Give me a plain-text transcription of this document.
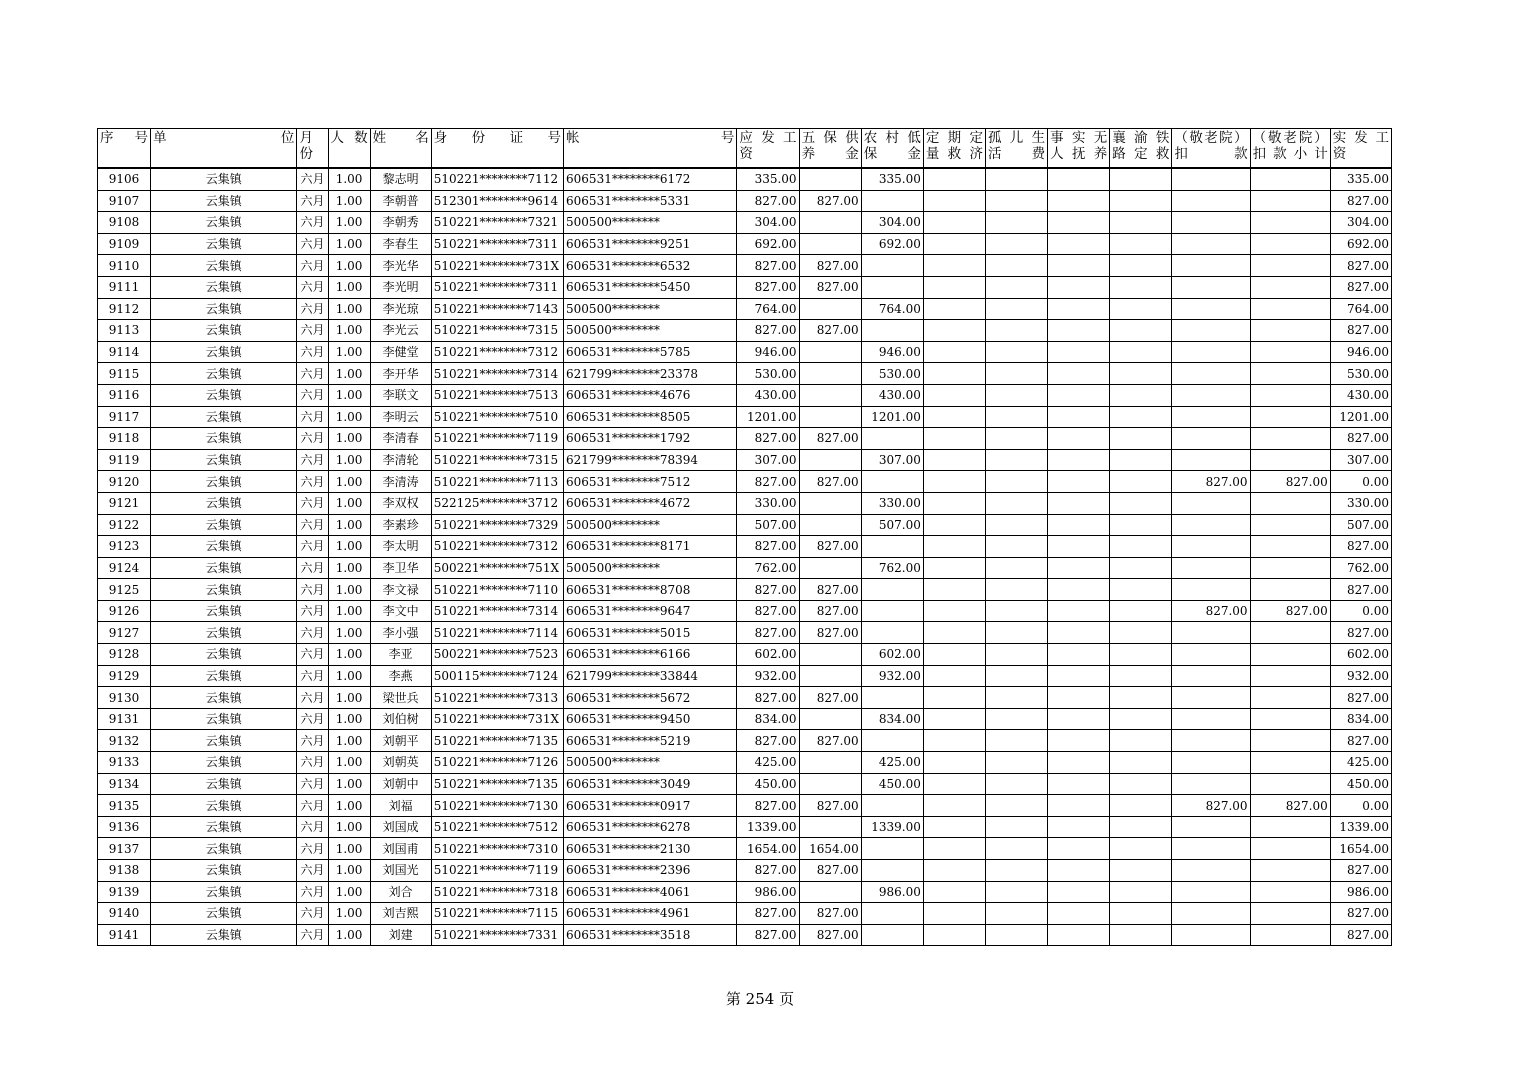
序 号	单 位	月份	人 数	姓 名	身 份 证 号	帐 号	应 发 工 资	五 保 供 养 金	农 村 低 保 金	定 期 定 量 救 济	孤 儿 生 活 费	事 实 无 人 抚 养	襄 渝 铁 路 定 救	（敬老院） 扣 款	（敬老院） 扣 款 小 计	实 发 工 资
9106	云集镇	六月	1.00	黎志明	510221********7112	606531********6172	335.00		335.00							335.00
9107	云集镇	六月	1.00	李朝普	512301********9614	606531********5331	827.00	827.00								827.00
9108	云集镇	六月	1.00	李朝秀	510221********7321	500500********	304.00		304.00							304.00
9109	云集镇	六月	1.00	李春生	510221********7311	606531********9251	692.00		692.00							692.00
9110	云集镇	六月	1.00	李光华	510221********731X	606531********6532	827.00	827.00								827.00
9111	云集镇	六月	1.00	李光明	510221********7311	606531********5450	827.00	827.00								827.00
9112	云集镇	六月	1.00	李光琼	510221********7143	500500********	764.00		764.00							764.00
9113	云集镇	六月	1.00	李光云	510221********7315	500500********	827.00	827.00								827.00
9114	云集镇	六月	1.00	李健堂	510221********7312	606531********5785	946.00		946.00							946.00
9115	云集镇	六月	1.00	李开华	510221********7314	621799********23378	530.00		530.00							530.00
9116	云集镇	六月	1.00	李联文	510221********7513	606531********4676	430.00		430.00							430.00
9117	云集镇	六月	1.00	李明云	510221********7510	606531********8505	1201.00		1201.00							1201.00
9118	云集镇	六月	1.00	李清春	510221********7119	606531********1792	827.00	827.00								827.00
9119	云集镇	六月	1.00	李清轮	510221********7315	621799********78394	307.00		307.00							307.00
9120	云集镇	六月	1.00	李清涛	510221********7113	606531********7512	827.00	827.00						827.00	827.00	0.00
9121	云集镇	六月	1.00	李双权	522125********3712	606531********4672	330.00		330.00							330.00
9122	云集镇	六月	1.00	李素珍	510221********7329	500500********	507.00		507.00							507.00
9123	云集镇	六月	1.00	李太明	510221********7312	606531********8171	827.00	827.00								827.00
9124	云集镇	六月	1.00	李卫华	500221********751X	500500********	762.00		762.00							762.00
9125	云集镇	六月	1.00	李文禄	510221********7110	606531********8708	827.00	827.00								827.00
9126	云集镇	六月	1.00	李文中	510221********7314	606531********9647	827.00	827.00						827.00	827.00	0.00
9127	云集镇	六月	1.00	李小强	510221********7114	606531********5015	827.00	827.00								827.00
9128	云集镇	六月	1.00	李亚	500221********7523	606531********6166	602.00		602.00							602.00
9129	云集镇	六月	1.00	李燕	500115********7124	621799********33844	932.00		932.00							932.00
9130	云集镇	六月	1.00	梁世兵	510221********7313	606531********5672	827.00	827.00								827.00
9131	云集镇	六月	1.00	刘伯树	510221********731X	606531********9450	834.00		834.00							834.00
9132	云集镇	六月	1.00	刘朝平	510221********7135	606531********5219	827.00	827.00								827.00
9133	云集镇	六月	1.00	刘朝英	510221********7126	500500********	425.00		425.00							425.00
9134	云集镇	六月	1.00	刘朝中	510221********7135	606531********3049	450.00		450.00							450.00
9135	云集镇	六月	1.00	刘福	510221********7130	606531********0917	827.00	827.00						827.00	827.00	0.00
9136	云集镇	六月	1.00	刘国成	510221********7512	606531********6278	1339.00		1339.00							1339.00
9137	云集镇	六月	1.00	刘国甫	510221********7310	606531********2130	1654.00	1654.00								1654.00
9138	云集镇	六月	1.00	刘国光	510221********7119	606531********2396	827.00	827.00								827.00
9139	云集镇	六月	1.00	刘合	510221********7318	606531********4061	986.00		986.00							986.00
9140	云集镇	六月	1.00	刘吉熙	510221********7115	606531********4961	827.00	827.00								827.00
9141	云集镇	六月	1.00	刘建	510221********7331	606531********3518	827.00	827.00								827.00
第 254 页
